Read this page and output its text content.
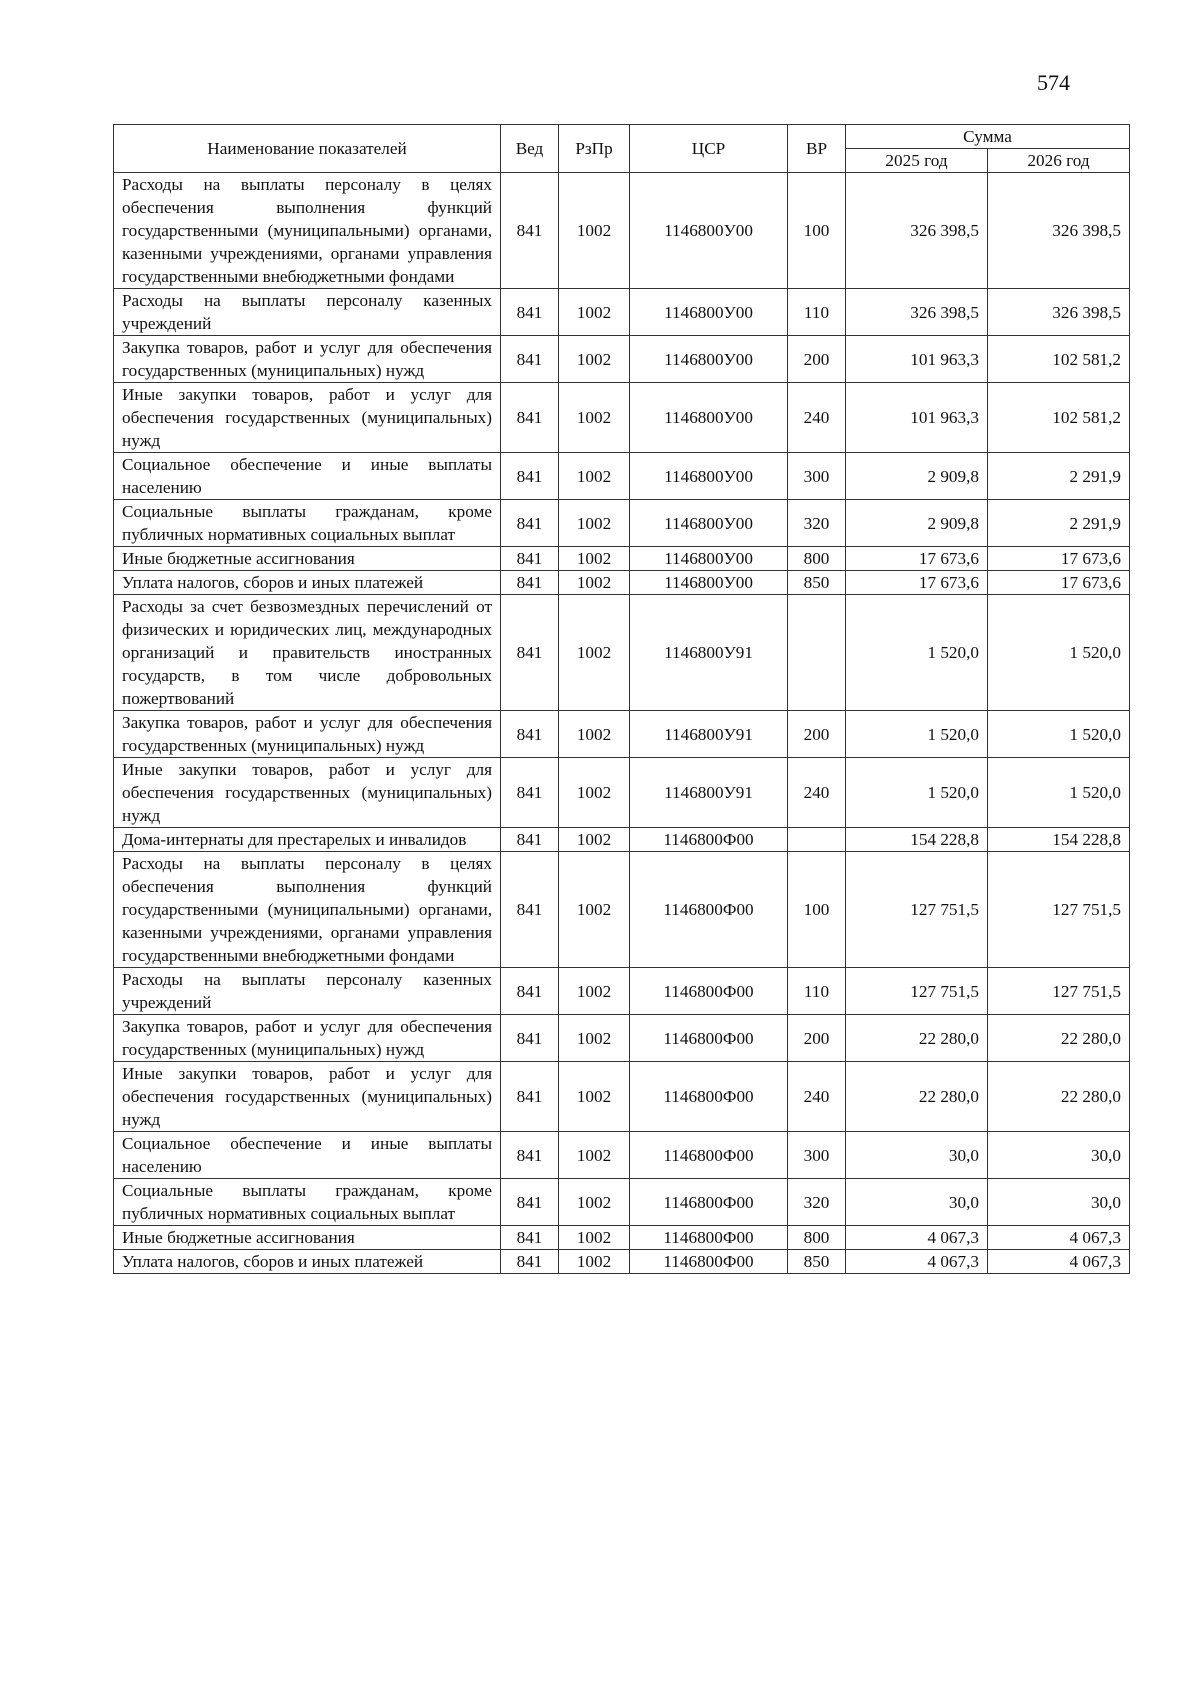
574
Наименование показателей	Вед	РзПр	ЦСР	ВР	Сумма	
					2025 год	2026 год
Расходы на выплаты персоналу в целях обеспечения выполнения функций государственными (муниципальными) органами, казенными учреждениями, органами управления государственными внебюджетными фондами	841	1002	1146800У00	100	326 398,5	326 398,5
Расходы на выплаты персоналу казенных учреждений	841	1002	1146800У00	110	326 398,5	326 398,5
Закупка товаров, работ и услуг для обеспечения государственных (муниципальных) нужд	841	1002	1146800У00	200	101 963,3	102 581,2
Иные закупки товаров, работ и услуг для обеспечения государственных (муниципальных) нужд	841	1002	1146800У00	240	101 963,3	102 581,2
Социальное обеспечение и иные выплаты населению	841	1002	1146800У00	300	2 909,8	2 291,9
Социальные выплаты гражданам, кроме публичных нормативных социальных выплат	841	1002	1146800У00	320	2 909,8	2 291,9
Иные бюджетные ассигнования	841	1002	1146800У00	800	17 673,6	17 673,6
Уплата налогов, сборов и иных платежей	841	1002	1146800У00	850	17 673,6	17 673,6
Расходы за счет безвозмездных перечислений от физических и юридических лиц, международных организаций и правительств иностранных государств, в том числе добровольных пожертвований	841	1002	1146800У91		1 520,0	1 520,0
Закупка товаров, работ и услуг для обеспечения государственных (муниципальных) нужд	841	1002	1146800У91	200	1 520,0	1 520,0
Иные закупки товаров, работ и услуг для обеспечения государственных (муниципальных) нужд	841	1002	1146800У91	240	1 520,0	1 520,0
Дома-интернаты для престарелых и инвалидов	841	1002	1146800Ф00		154 228,8	154 228,8
Расходы на выплаты персоналу в целях обеспечения выполнения функций государственными (муниципальными) органами, казенными учреждениями, органами управления государственными внебюджетными фондами	841	1002	1146800Ф00	100	127 751,5	127 751,5
Расходы на выплаты персоналу казенных учреждений	841	1002	1146800Ф00	110	127 751,5	127 751,5
Закупка товаров, работ и услуг для обеспечения государственных (муниципальных) нужд	841	1002	1146800Ф00	200	22 280,0	22 280,0
Иные закупки товаров, работ и услуг для обеспечения государственных (муниципальных) нужд	841	1002	1146800Ф00	240	22 280,0	22 280,0
Социальное обеспечение и иные выплаты населению	841	1002	1146800Ф00	300	30,0	30,0
Социальные выплаты гражданам, кроме публичных нормативных социальных выплат	841	1002	1146800Ф00	320	30,0	30,0
Иные бюджетные ассигнования	841	1002	1146800Ф00	800	4 067,3	4 067,3
Уплата налогов, сборов и иных платежей	841	1002	1146800Ф00	850	4 067,3	4 067,3
